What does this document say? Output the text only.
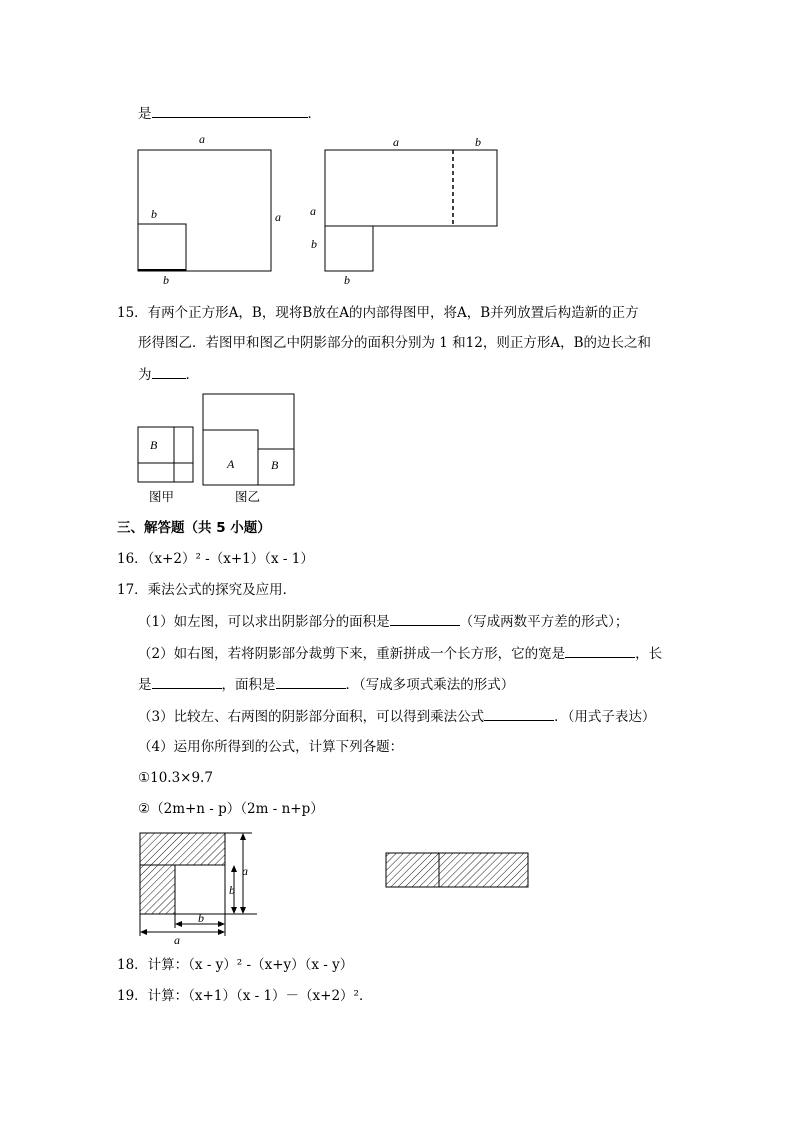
是	．
a
a
b
b
a	b
a
b
b
15．有两个正方形A，B，现将B放在A的内部得图甲，将A，B并列放置后构造新的正方
形得图乙．若图甲和图乙中阴影部分的面积分别为 1 和12，则正方形A，B的边长之和
为	．
B
图甲
A	B
图乙
三、解答题（共 5 小题）
16．（x+2）² -（x+1）（x - 1）
17．乘法公式的探究及应用．
（1）如左图，可以求出阴影部分的面积是	（写成两数平方差的形式）；
（2）如右图，若将阴影部分裁剪下来，重新拼成一个长方形，它的宽是	，长
是	，面积是	．（写成多项式乘法的形式）
（3）比较左、右两图的阴影部分面积，可以得到乘法公式	．（用式子表达）
（4）运用你所得到的公式，计算下列各题：
①10.3×9.7
②（2m+n - p）（2m - n+p）
a
b
a
b
18．计算：（x - y）² -（x+y）（x - y）
19．计算：（x+1）（x - 1）－（x+2）²．
